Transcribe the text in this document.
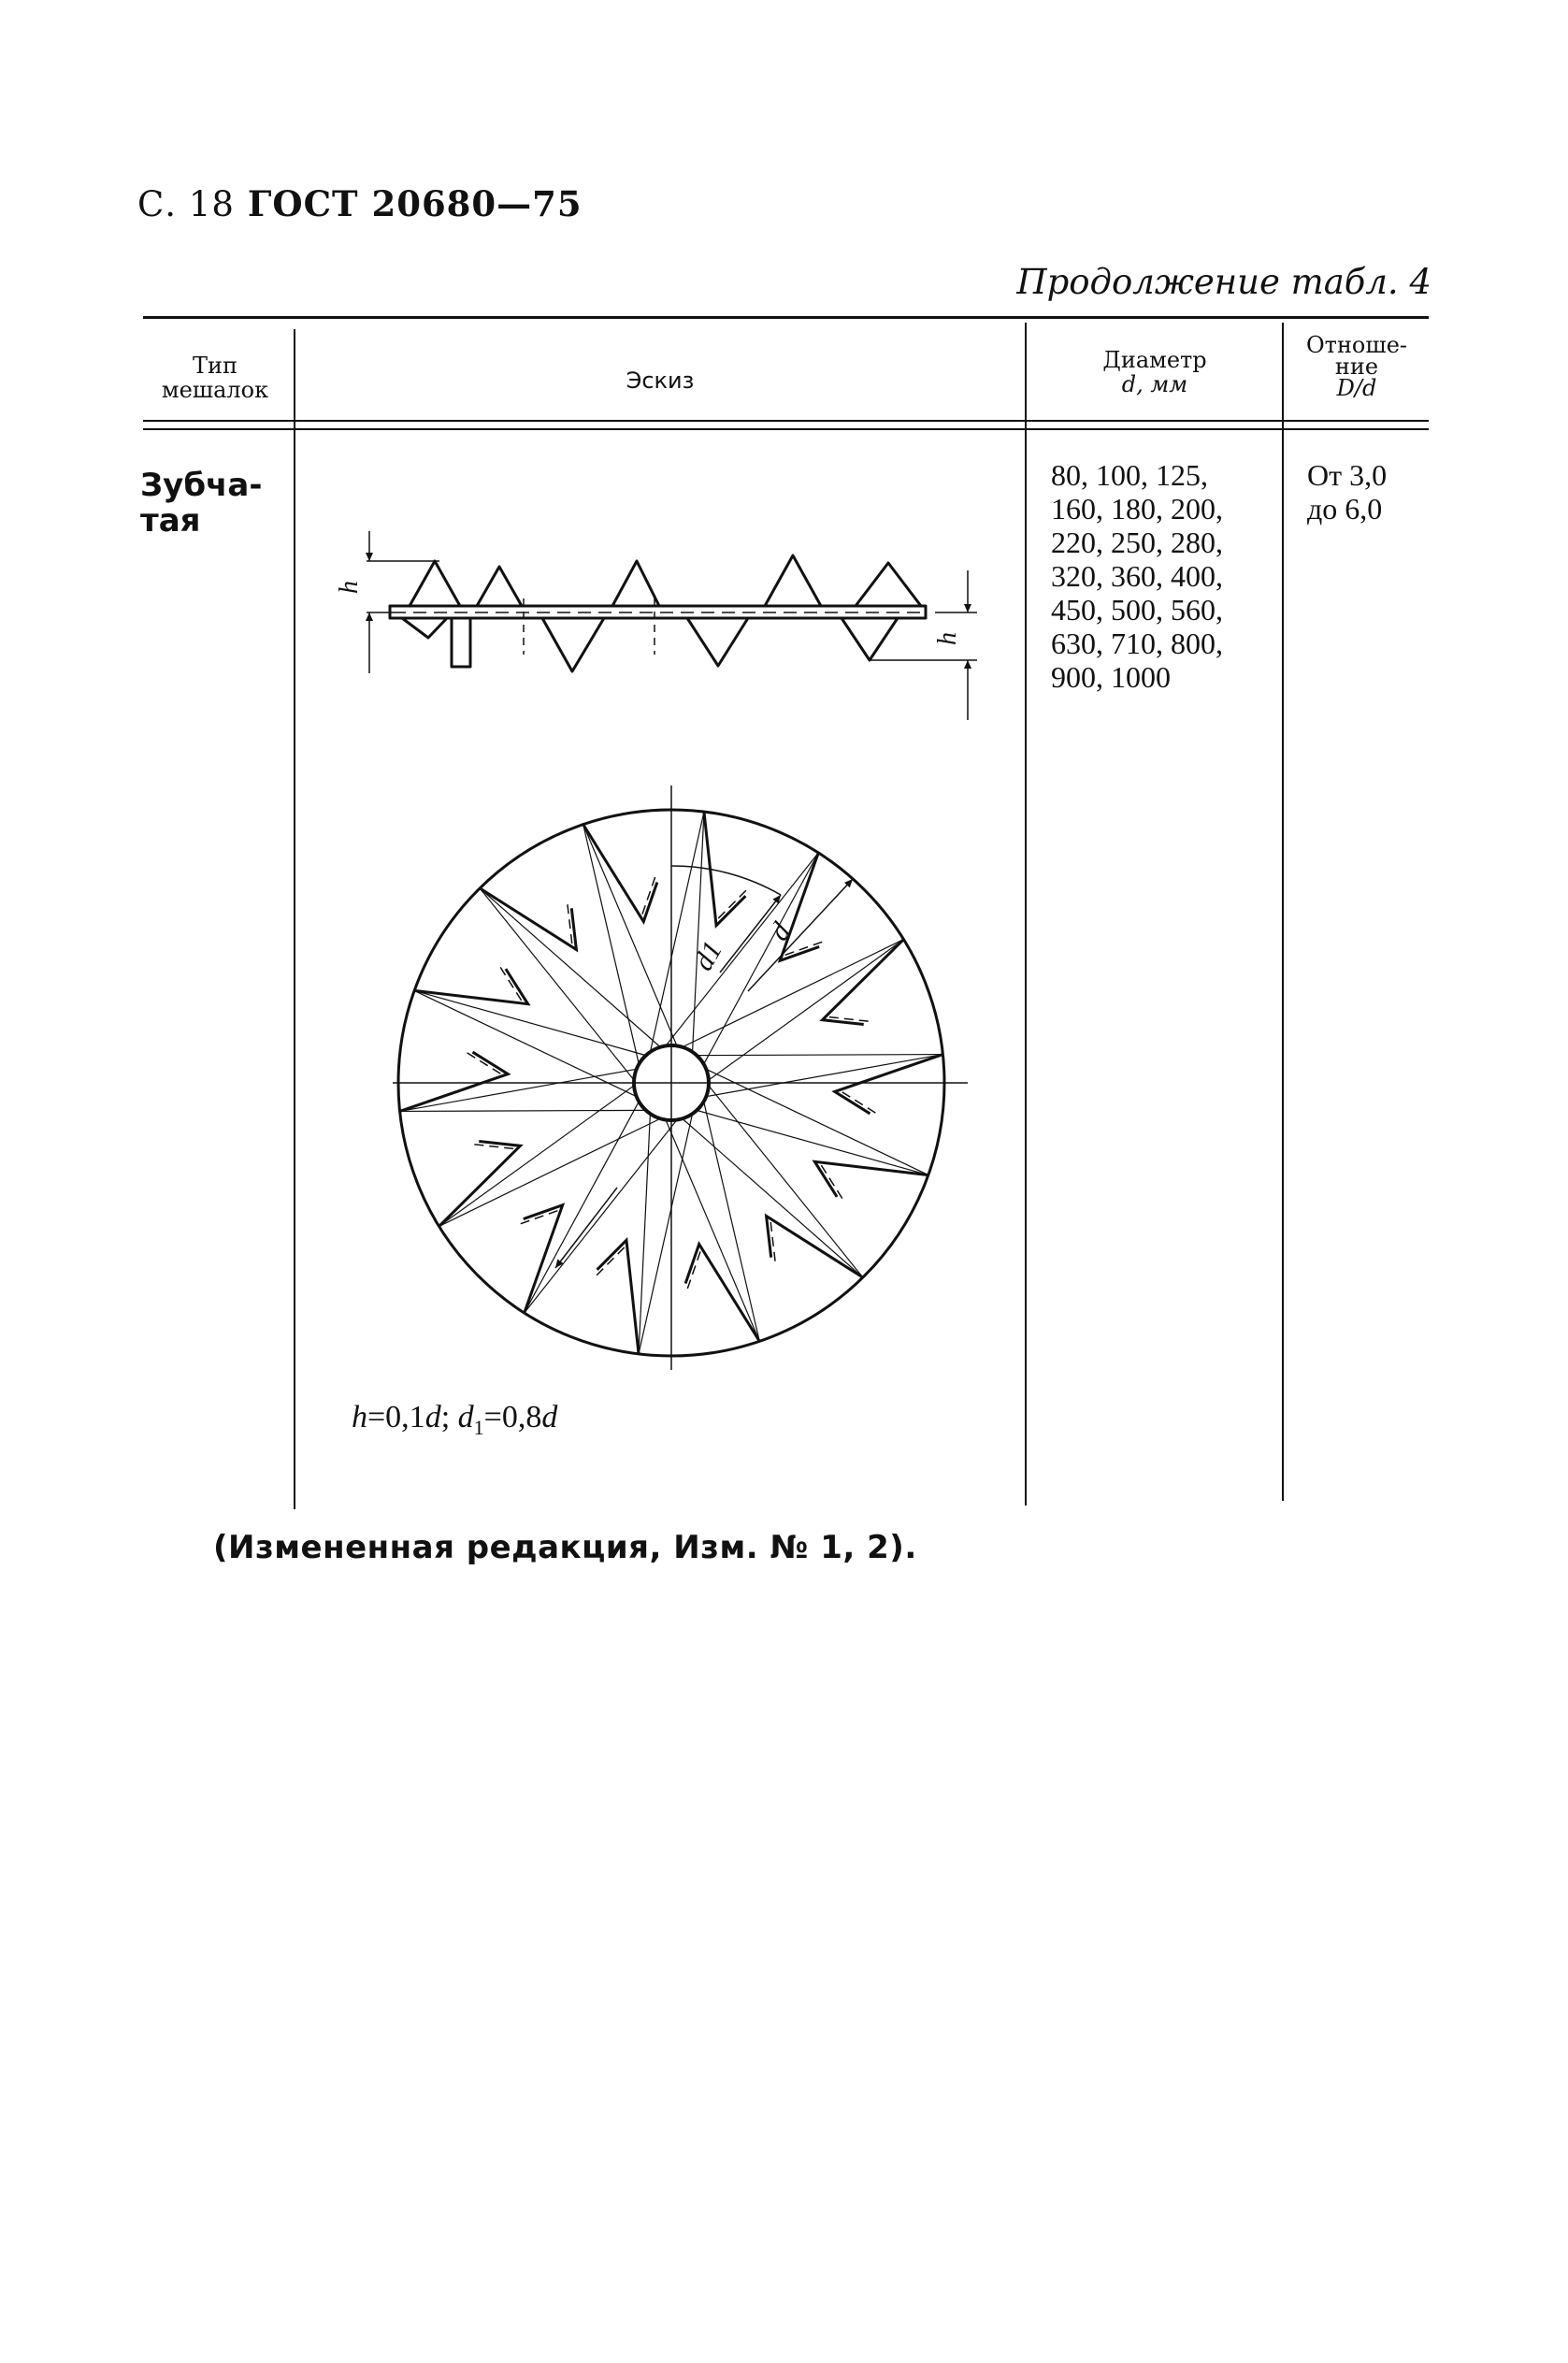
С. 18 ГОСТ 20680—75
Продолжение табл. 4
Тип
мешалок	Эскиз
Диаметр
d, мм
Отноше-
ние
D/d
Зубча-
тая
80, 100, 125,
160, 180, 200,
220, 250, 280,
320, 360, 400,
450, 500, 560,
630, 710, 800,
900, 1000
От 3,0
до 6,0
h
h
d1
d
h=0,1d; $d_1=0,8d$
(Измененная редакция, Изм. № 1, 2).
